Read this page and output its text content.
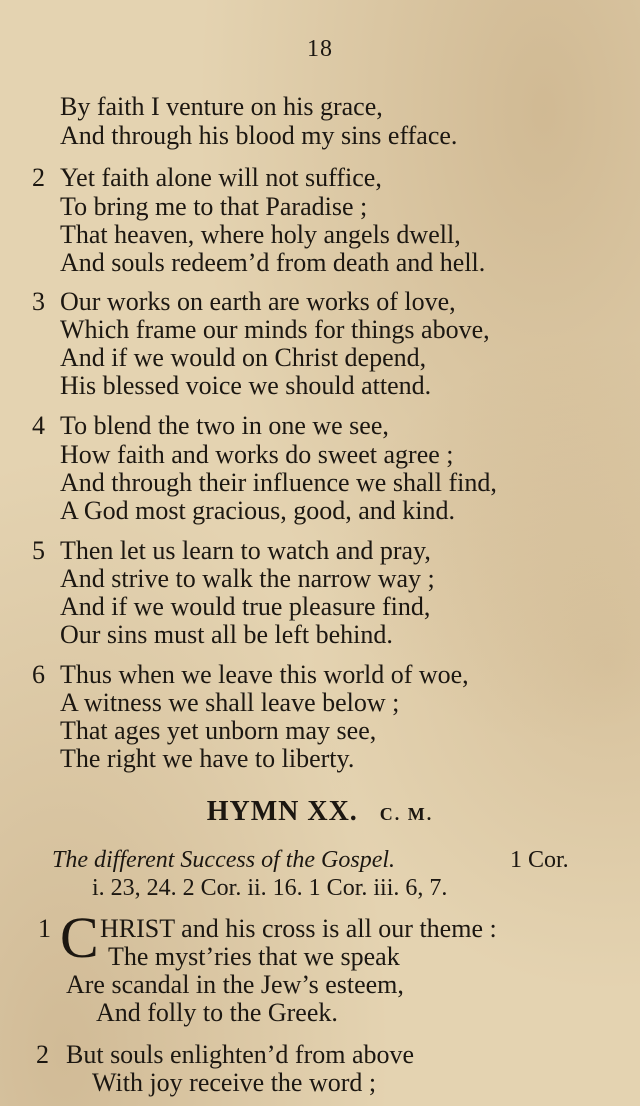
18
By faith I venture on his grace,
And through his blood my sins efface.
2 Yet faith alone will not suffice,
To bring me to that Paradise ;
That heaven, where holy angels dwell,
And souls redeem’d from death and hell.
3 Our works on earth are works of love,
Which frame our minds for things above,
And if we would on Christ depend,
His blessed voice we should attend.
4 To blend the two in one we see,
How faith and works do sweet agree ;
And through their influence we shall find,
A God most gracious, good, and kind.
5 Then let us learn to watch and pray,
And strive to walk the narrow way ;
And if we would true pleasure find,
Our sins must all be left behind.
6 Thus when we leave this world of woe,
A witness we shall leave below ;
That ages yet unborn may see,
The right we have to liberty.
HYMN XX. C. M.
The different Success of the Gospel.	1 Cor.
i. 23, 24. 2 Cor. ii. 16. 1 Cor. iii. 6, 7.
1 C HRIST and his cross is all our theme :
The myst’ries that we speak
Are scandal in the Jew’s esteem,
And folly to the Greek.
2 But souls enlighten’d from above
With joy receive the word ;
